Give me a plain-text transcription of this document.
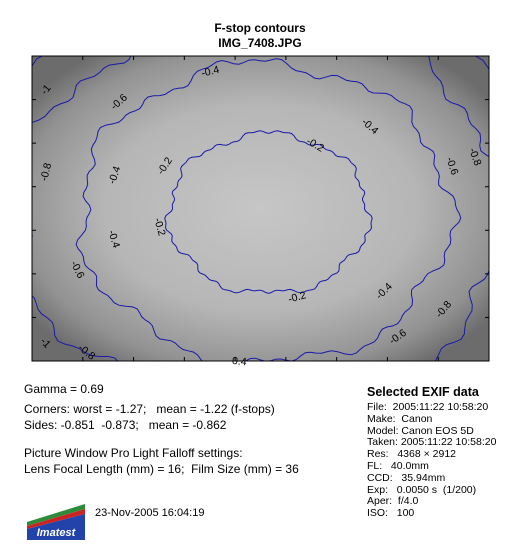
F-stop contours
IMG_7408.JPG
-0.4
-0.6
-1
-0.4
-0.2
-0.2	-0.6 -0.8
-0.8	-0.4
-0.2
-0.4
-0.6
-0.2	-0.4
-0.8
-0.6
-1 -0.8	-0.4
Gamma = 0.69
Corners: worst = -1.27;   mean = -1.22 (f-stops)
Sides: -0.851  -0.873;   mean = -0.862
Picture Window Pro Light Falloff settings:
Lens Focal Length (mm) = 16;  Film Size (mm) = 36
Selected EXIF data
File:  2005:11:22 10:58:20
Make:  Canon
Model: Canon EOS 5D
Taken: 2005:11:22 10:58:20
Res:   4368 × 2912
FL:   40.0mm
CCD:   35.94mm
Exp:   0.0050 s  (1/200)
Aper:  f/4.0
ISO:   100
Imatest
23-Nov-2005 16:04:19
